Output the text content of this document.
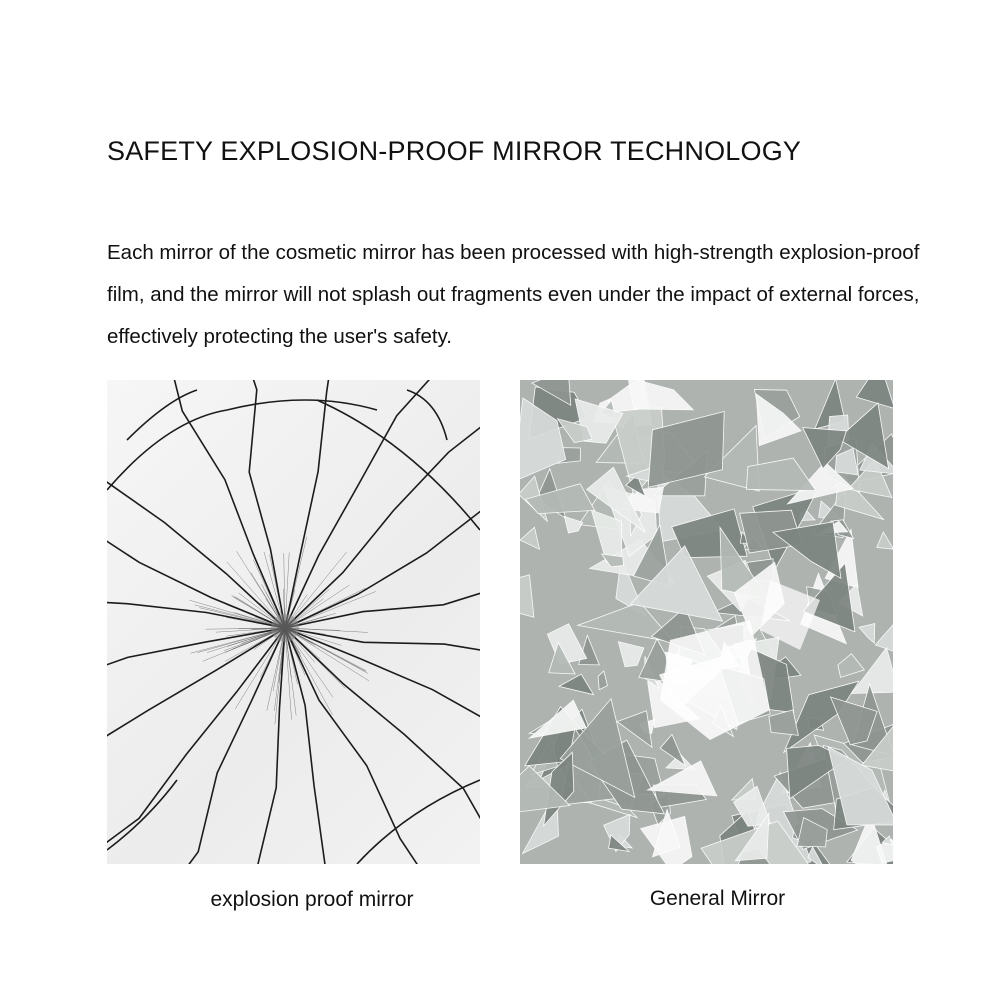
SAFETY EXPLOSION-PROOF MIRROR TECHNOLOGY

Each mirror of the cosmetic mirror has been processed with high-strength explosion-proof film, and the mirror will not splash out fragments even under the impact of external forces, effectively protecting the user's safety.

explosion proof mirror	General Mirror
